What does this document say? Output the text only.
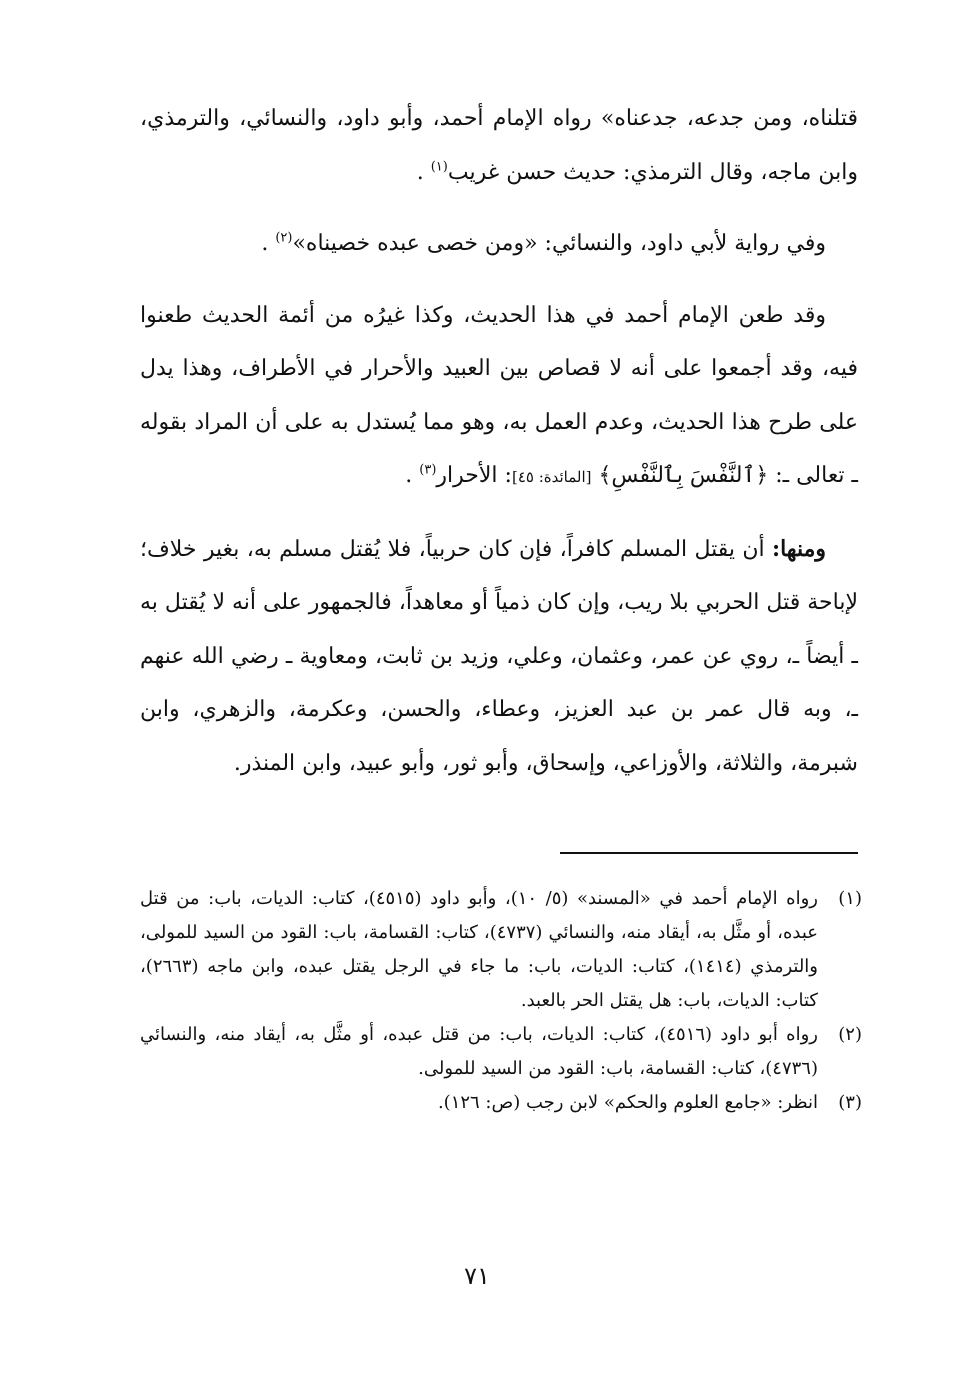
قتلناه، ومن جدعه، جدعناه» رواه الإمام أحمد، وأبو داود، والنسائي، والترمذي، وابن ماجه، وقال الترمذي: حديث حسن غريب$^{(١)}$ .

وفي رواية لأبي داود، والنسائي: «ومن خصى عبده خصيناه»$^{(٢)}$ .

وقد طعن الإمام أحمد في هذا الحديث، وكذا غيرُه من أئمة الحديث طعنوا فيه، وقد أجمعوا على أنه لا قصاص بين العبيد والأحرار في الأطراف، وهذا يدل على طرح هذا الحديث، وعدم العمل به، وهو مما يُستدل به على أن المراد بقوله ـ تعالى ـ: ﴿ٱلنَّفْسَ بِٱلنَّفْسِ﴾ [المائدة: ٤٥]: الأحرار$^{(٣)}$ .

ومنها: أن يقتل المسلم كافراً، فإن كان حربياً، فلا يُقتل مسلم به، بغير خلاف؛ لإباحة قتل الحربي بلا ريب، وإن كان ذمياً أو معاهداً، فالجمهور على أنه لا يُقتل به ـ أيضاً ـ، روي عن عمر، وعثمان، وعلي، وزيد بن ثابت، ومعاوية ـ رضي الله عنهم ـ، وبه قال عمر بن عبد العزيز، وعطاء، والحسن، وعكرمة، والزهري، وابن شبرمة، والثلاثة، والأوزاعي، وإسحاق، وأبو ثور، وأبو عبيد، وابن المنذر.

(١)
رواه الإمام أحمد في «المسند» (٥/ ١٠)، وأبو داود (٤٥١٥)، كتاب: الديات، باب: من قتل عبده، أو مثَّل به، أيقاد منه، والنسائي (٤٧٣٧)، كتاب: القسامة، باب: القود من السيد للمولى، والترمذي (١٤١٤)، كتاب: الديات، باب: ما جاء في الرجل يقتل عبده، وابن ماجه (٢٦٦٣)، كتاب: الديات، باب: هل يقتل الحر بالعبد.
(٢)
رواه أبو داود (٤٥١٦)، كتاب: الديات، باب: من قتل عبده، أو مثَّل به، أيقاد منه، والنسائي (٤٧٣٦)، كتاب: القسامة، باب: القود من السيد للمولى.
(٣)
انظر: «جامع العلوم والحكم» لابن رجب (ص: ١٢٦).
٧١
